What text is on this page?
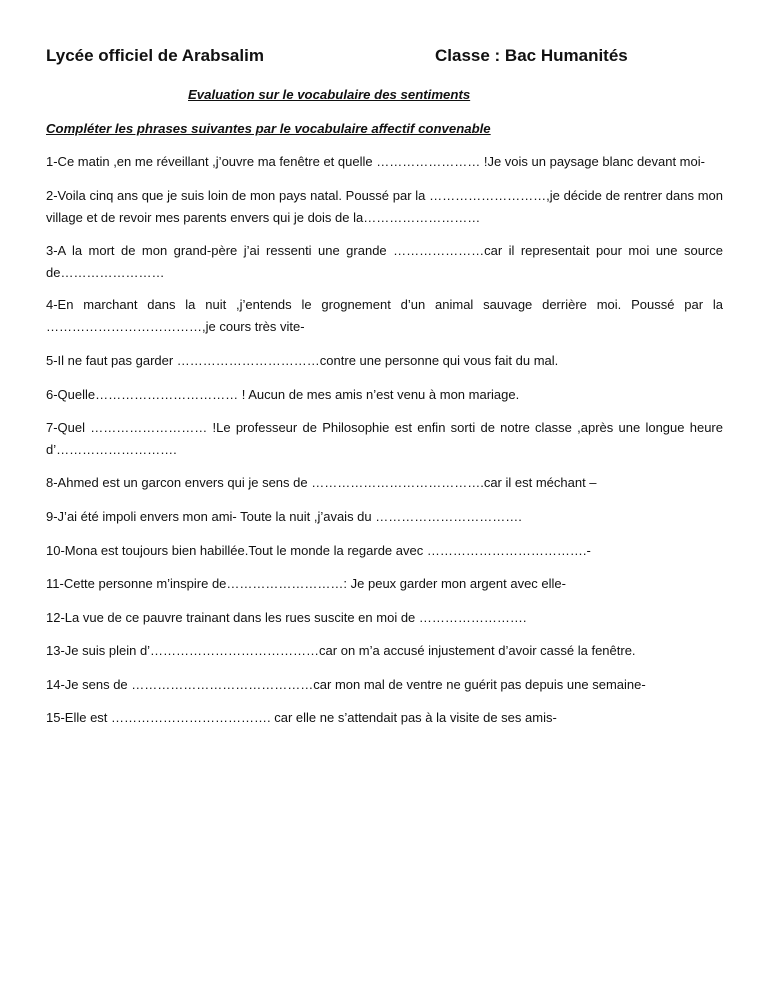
Lycée officiel de Arabsalim	Classe : Bac Humanités
Evaluation sur le vocabulaire des sentiments
Compléter les phrases suivantes par le vocabulaire affectif convenable
1-Ce matin ,en me réveillant ,j’ouvre ma fenêtre et quelle …………………… !Je vois un paysage blanc devant moi-
2-Voila cinq ans que je suis loin de mon pays natal. Poussé par la ………………………,je décide de rentrer dans mon village et de revoir mes parents envers qui je dois de la………………………
3-A la mort de mon grand-père j’ai ressenti une grande …………………car il representait pour moi une source de……………………
4-En marchant dans la nuit ,j’entends le grognement d’un animal sauvage derrière moi. Poussé par la ………………………………,je cours très vite-
5-Il ne faut pas garder ……………………………contre une personne qui vous fait du mal.
6-Quelle…………………………… ! Aucun de mes amis n’est venu à mon mariage.
7-Quel ……………………… !Le professeur de Philosophie est enfin sorti de notre classe ,après une longue heure d’……………………….
8-Ahmed est un garcon envers qui je sens de ………………………………….car il est méchant –
9-J’ai été impoli envers mon ami- Toute la nuit ,j’avais du …………………………….
10-Mona est toujours bien habillée.Tout le monde la regarde avec ……………………………….-
11-Cette personne m’inspire de………………………: Je peux garder mon argent avec elle-
12-La vue de ce pauvre trainant dans les rues suscite en moi de …………………….
13-Je suis plein d’…………………………………car on m’a accusé injustement d’avoir cassé la fenêtre.
14-Je sens de ……………………………………car mon mal de ventre ne guérit pas depuis une semaine-
15-Elle est ………………………………. car elle ne s’attendait pas à la visite de ses amis-
